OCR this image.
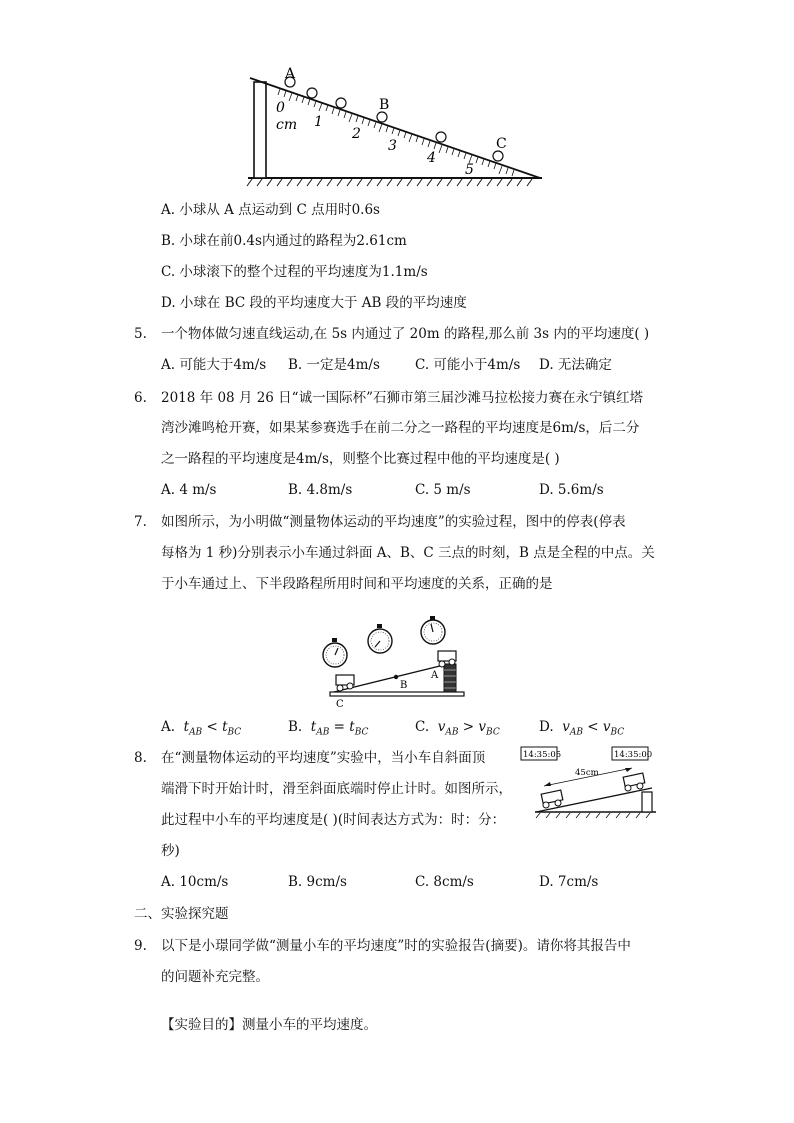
A
B
C
0
cm 1
2
3
4
5
A. 小球从 A 点运动到 C 点用时0.6s
B. 小球在前0.4s内通过的路程为2.61cm
C. 小球滚下的整个过程的平均速度为1.1m/s
D. 小球在 BC 段的平均速度大于 AB 段的平均速度
5. 一个物体做匀速直线运动,在 5s 内通过了 20m 的路程,那么前 3s 内的平均速度( )
A. 可能大于4m/s B. 一定是4m/s	C. 可能小于4m/s D. 无法确定
6. 2018 年 08 月 26 日“诚一国际杯”石狮市第三届沙滩马拉松接力赛在永宁镇红塔
湾沙滩鸣枪开赛，如果某参赛选手在前二分之一路程的平均速度是6m/s，后二分
之一路程的平均速度是4m/s，则整个比赛过程中他的平均速度是( )
A. 4 m/s	B. 4.8m/s	C. 5 m/s	D. 5.6m/s
7. 如图所示，为小明做“测量物体运动的平均速度”的实验过程，图中的停表(停表
每格为 1 秒)分别表示小车通过斜面 A、B、C 三点的时刻，B 点是全程的中点。关
于小车通过上、下半段路程所用时间和平均速度的关系，正确的是
B
A
C
A.  $t_{AB} < t_{BC}$	B.  $t_{AB} = t_{BC}$	C.  $v_{AB} > v_{BC}$	D.  $v_{AB} < v_{BC}$
8. 在“测量物体运动的平均速度”实验中，当小车自斜面顶
端滑下时开始计时，滑至斜面底端时停止计时。如图所示，
此过程中小车的平均速度是( )(时间表达方式为：时：分：
秒)
14:35:05	14:35:00
45cm
A. 10cm/s	B. 9cm/s	C. 8cm/s	D. 7cm/s
二、实验探究题
9. 以下是小璟同学做“测量小车的平均速度”时的实验报告(摘要)。请你将其报告中
的问题补充完整。
【实验目的】测量小车的平均速度。
